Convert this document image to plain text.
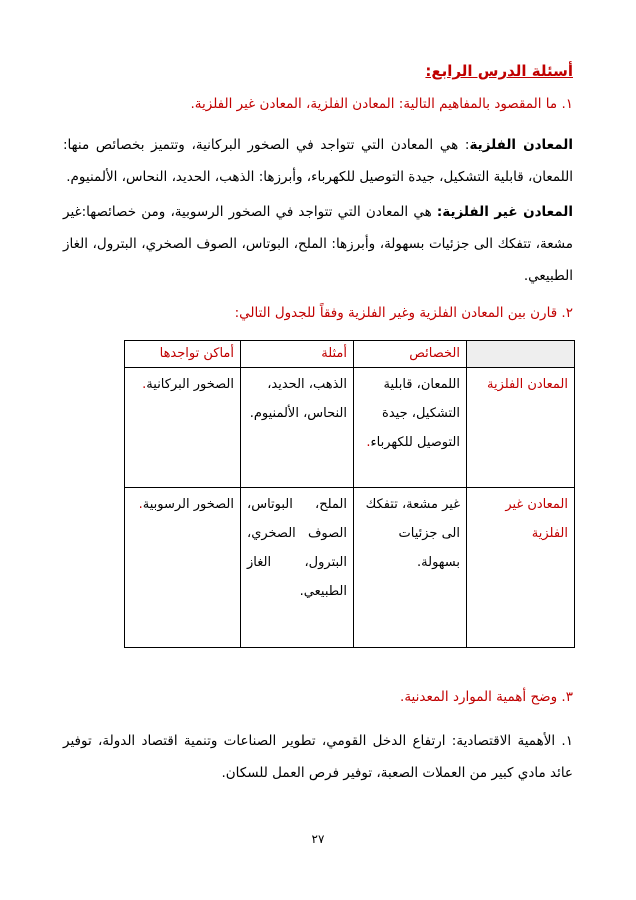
أسئلة الدرس الرابع:
١. ما المقصود بالمفاهيم التالية: المعادن الفلزية، المعادن غير الفلزية.
المعادن الفلزية: هي المعادن التي تتواجد في الصخور البركانية، وتتميز بخصائص منها: اللمعان، قابلية التشكيل، جيدة التوصيل للكهرباء، وأبرزها: الذهب، الحديد، النحاس، الألمنيوم.
المعادن غير الفلزية: هي المعادن التي تتواجد في الصخور الرسوبية، ومن خصائصها:غير مشعة، تتفكك الى جزئيات بسهولة، وأبرزها: الملح، البوتاس، الصوف الصخري، البترول، الغاز الطبيعي.
٢. قارن بين المعادن الفلزية وغير الفلزية وفقاً للجدول التالي:
	الخصائص	أمثلة	أماكن تواجدها
المعادن الفلزية	اللمعان، قابلية التشكيل، جيدة التوصيل للكهرباء.	الذهب، الحديد، النحاس، الألمنيوم.	الصخور البركانية.
المعادن غير الفلزية	غير مشعة، تتفكك الى جزئيات بسهولة.	الملح، البوتاس، الصوف الصخري، البترول، الغاز الطبيعي.	الصخور الرسوبية.
٣. وضح أهمية الموارد المعدنية.
١. الأهمية الاقتصادية: ارتفاع الدخل القومي، تطوير الصناعات وتنمية اقتصاد الدولة، توفير عائد مادي كبير من العملات الصعبة، توفير فرص العمل للسكان.
٢٧
